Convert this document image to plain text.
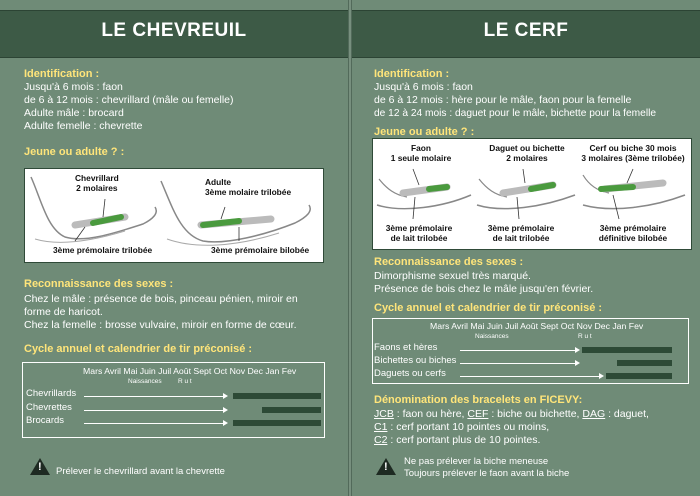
LE CHEVREUIL
Identification :
Jusqu'à 6 mois : faon
de 6 à 12 mois : chevrillard (mâle ou femelle)
Adulte mâle : brocard
Adulte femelle : chevrette
Jeune ou adulte ? :
Chevrillard
2 molaires
3ème prémolaire trilobée
Adulte
3ème molaire trilobée
3ème prémolaire bilobée
Reconnaissance des sexes :
Chez le mâle : présence de bois, pinceau pénien, miroir en
forme de haricot.
Chez la femelle : brosse vulvaire, miroir en forme de cœur.
Cycle annuel et calendrier de tir préconisé :
Mars Avril Mai Juin Juil Août Sept Oct Nov Dec Jan Fev
Naissances	R u t
Chevrillards
Chevrettes
Brocards
! Prélever le chevrillard avant la chevrette
LE CERF
Identification :
Jusqu'à 6 mois : faon
de 6 à 12 mois : hère pour le mâle, faon pour la femelle
de 12 à 24 mois : daguet pour le mâle, bichette pour la femelle
Jeune ou adulte ? :
Faon
1 seule molaire
3ème prémolaire
de lait trilobée
Daguet ou bichette
2 molaires
3ème prémolaire
de lait trilobée
Cerf ou biche 30 mois
3 molaires (3ème trilobée)
3ème prémolaire
définitive bilobée
Reconnaissance des sexes :
Dimorphisme sexuel très marqué.
Présence de bois chez le mâle jusqu'en février.
Cycle annuel et calendrier de tir préconisé :
Mars Avril Mai Juin Juil Août Sept Oct Nov Dec Jan Fev
Naissances	R u t
Faons et hères
Bichettes ou biches
Daguets ou cerfs
Dénomination des bracelets en FICEVY:
JCB : faon ou hère, CEF : biche ou bichette, DAG : daguet,
C1 : cerf portant 10 pointes ou moins,
C2 : cerf portant plus de 10 pointes.
! Ne pas prélever la biche meneuse
Toujours prélever le faon avant la biche
